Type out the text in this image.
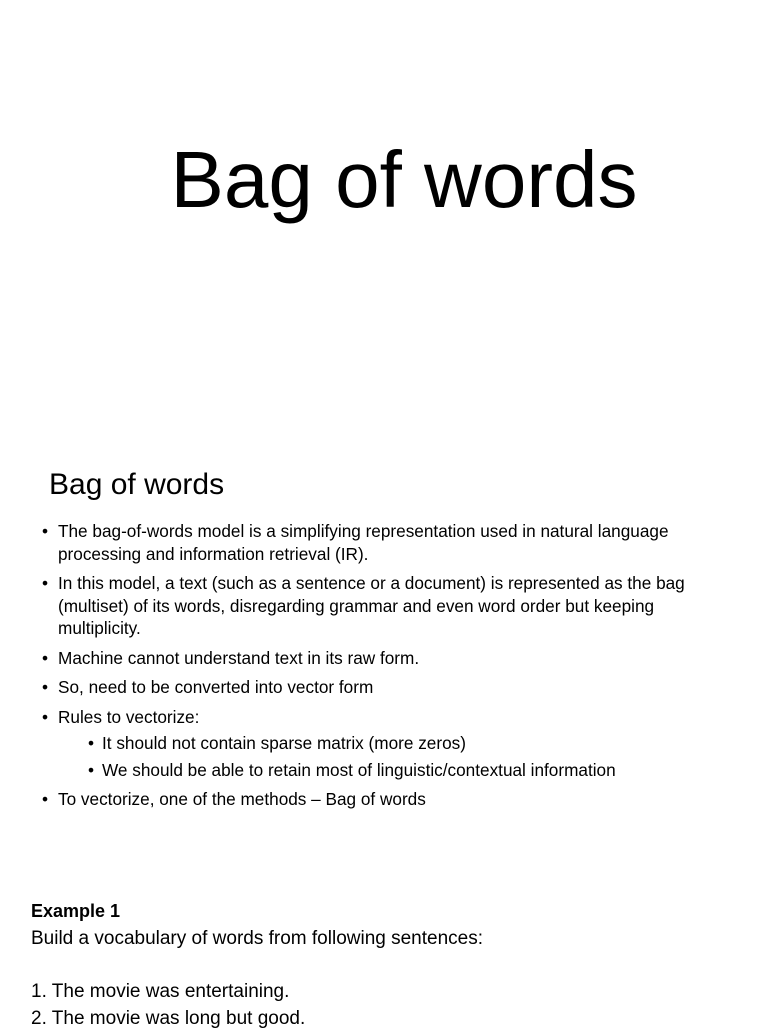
Bag of words
Bag of words
• The bag-of-words model is a simplifying representation used in natural language processing and information retrieval (IR).
• In this model, a text (such as a sentence or a document) is represented as the bag (multiset) of its words, disregarding grammar and even word order but keeping multiplicity.
• Machine cannot understand text in its raw form.
• So, need to be converted into vector form
• Rules to vectorize:
• It should not contain sparse matrix (more zeros)
• We should be able to retain most of linguistic/contextual information
• To vectorize, one of the methods – Bag of words

Example 1

Build a vocabulary of words from following sentences:

1. The movie was entertaining.

2. The movie was long but good.
